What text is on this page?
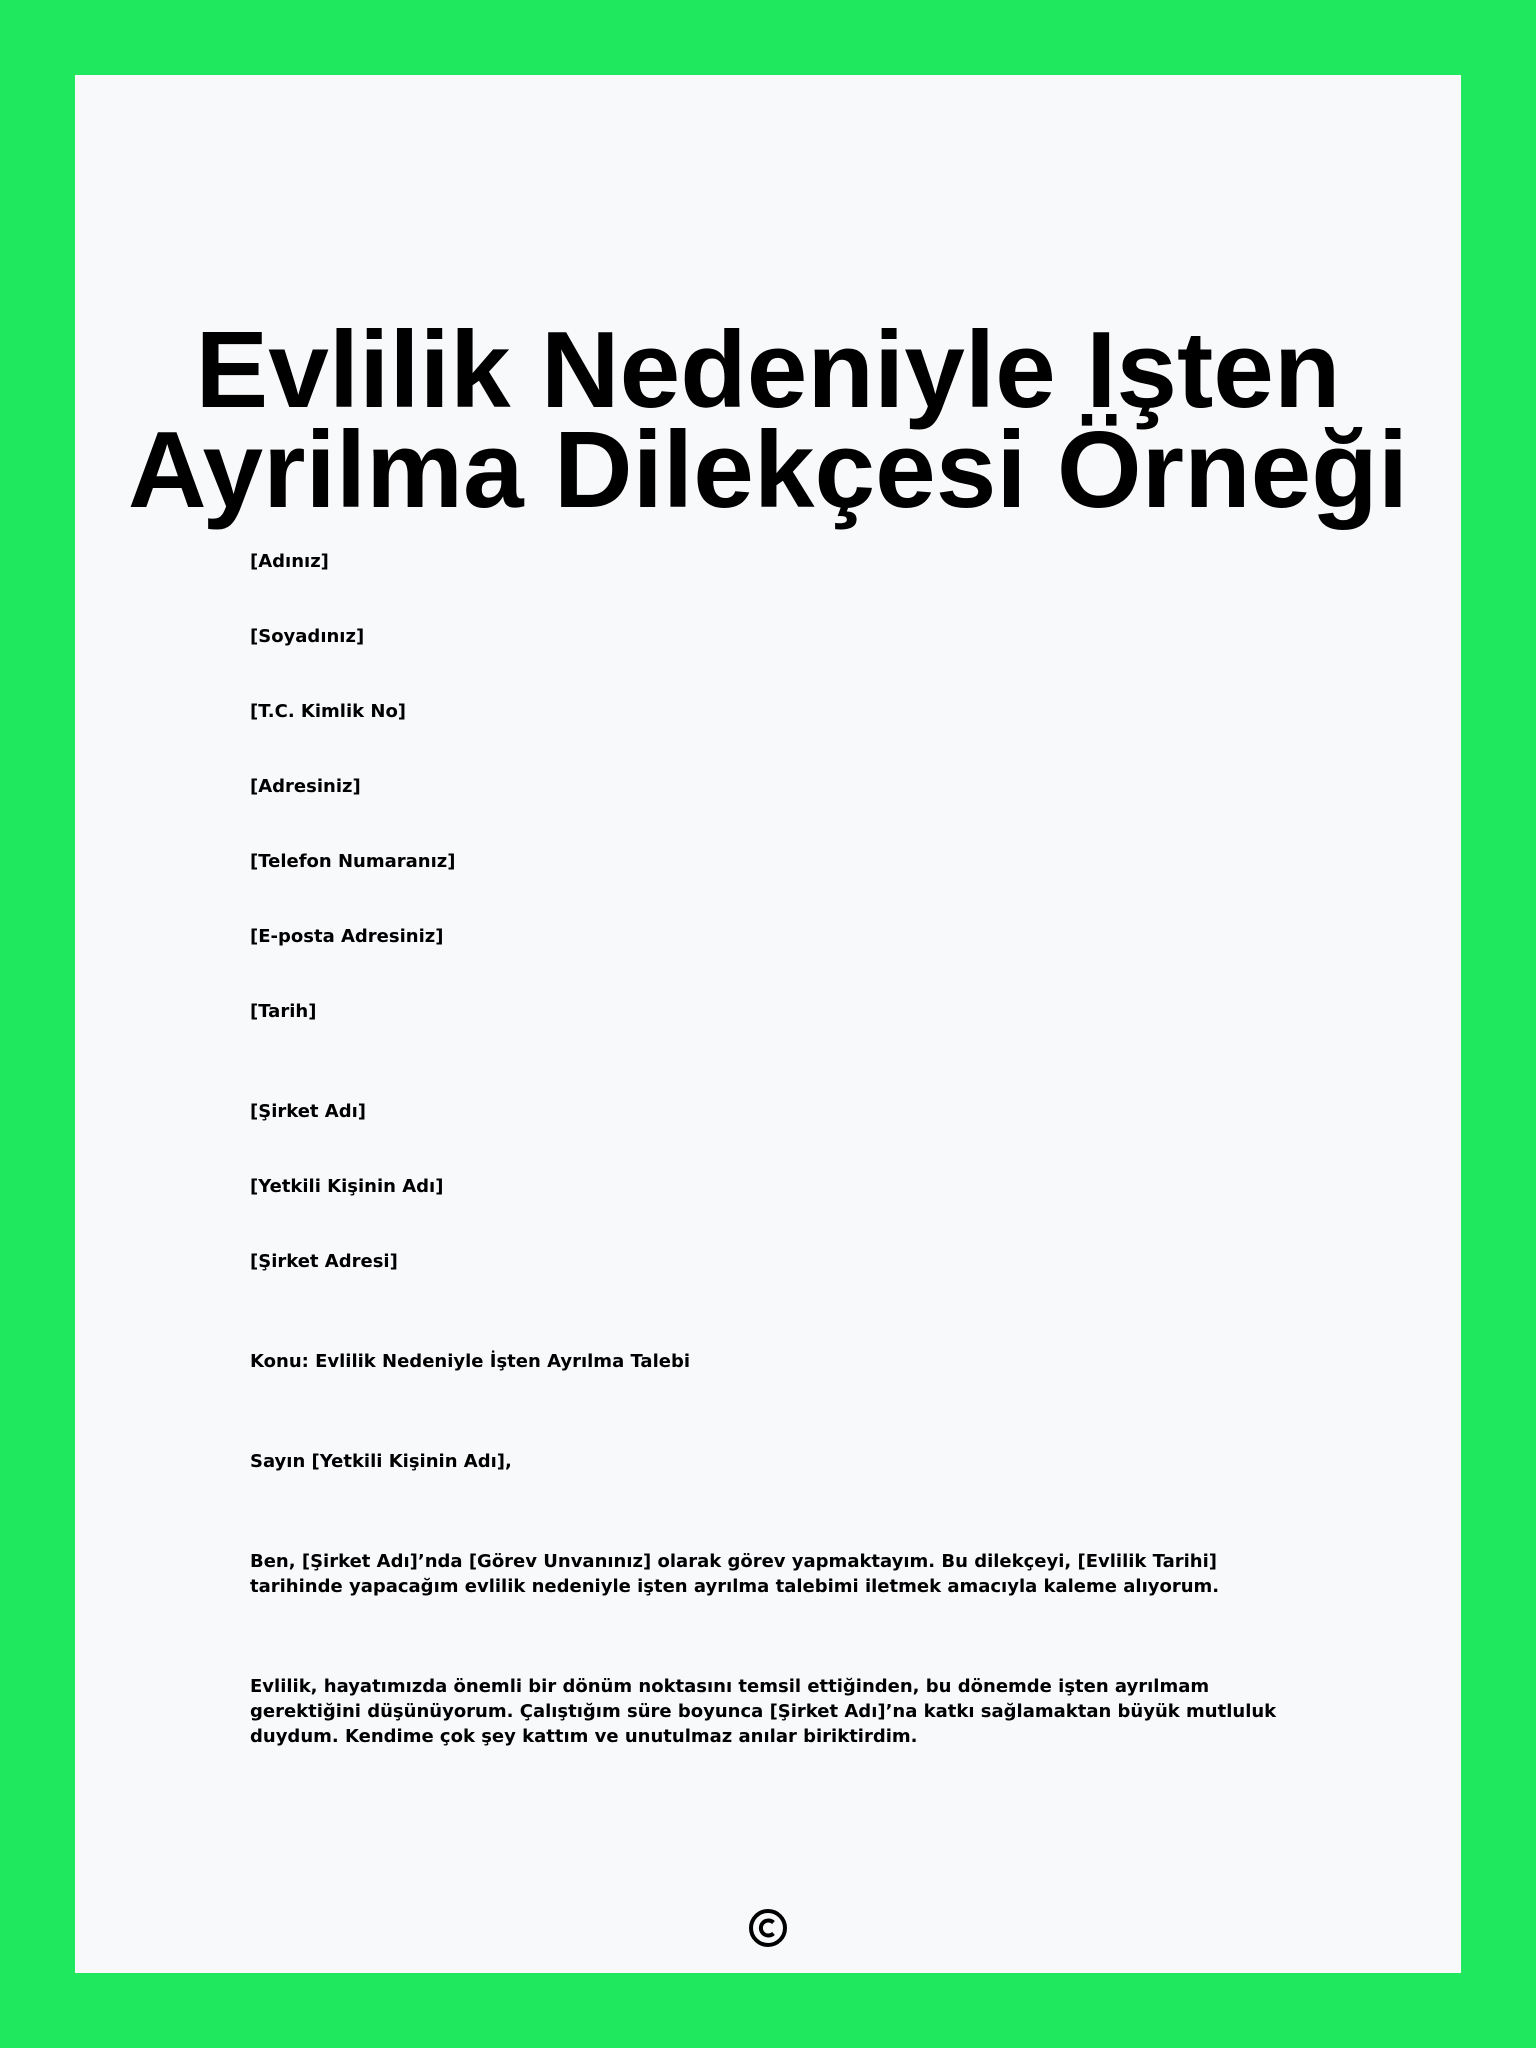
Evlilik Nedeniyle Işten
Ayrilma Dilekçesi Örneği

[Adınız]

[Soyadınız]

[T.C. Kimlik No]

[Adresiniz]

[Telefon Numaranız]

[E-posta Adresiniz]

[Tarih]

[Şirket Adı]

[Yetkili Kişinin Adı]

[Şirket Adresi]

Konu: Evlilik Nedeniyle İşten Ayrılma Talebi

Sayın [Yetkili Kişinin Adı],

Ben, [Şirket Adı]’nda [Görev Unvanınız] olarak görev yapmaktayım. Bu dilekçeyi, [Evlilik Tarihi] tarihinde yapacağım evlilik nedeniyle işten ayrılma talebimi iletmek amacıyla kaleme alıyorum.

Evlilik, hayatımızda önemli bir dönüm noktasını temsil ettiğinden, bu dönemde işten ayrılmam gerektiğini düşünüyorum. Çalıştığım süre boyunca [Şirket Adı]’na katkı sağlamaktan büyük mutluluk duydum. Kendime çok şey kattım ve unutulmaz anılar biriktirdim.
